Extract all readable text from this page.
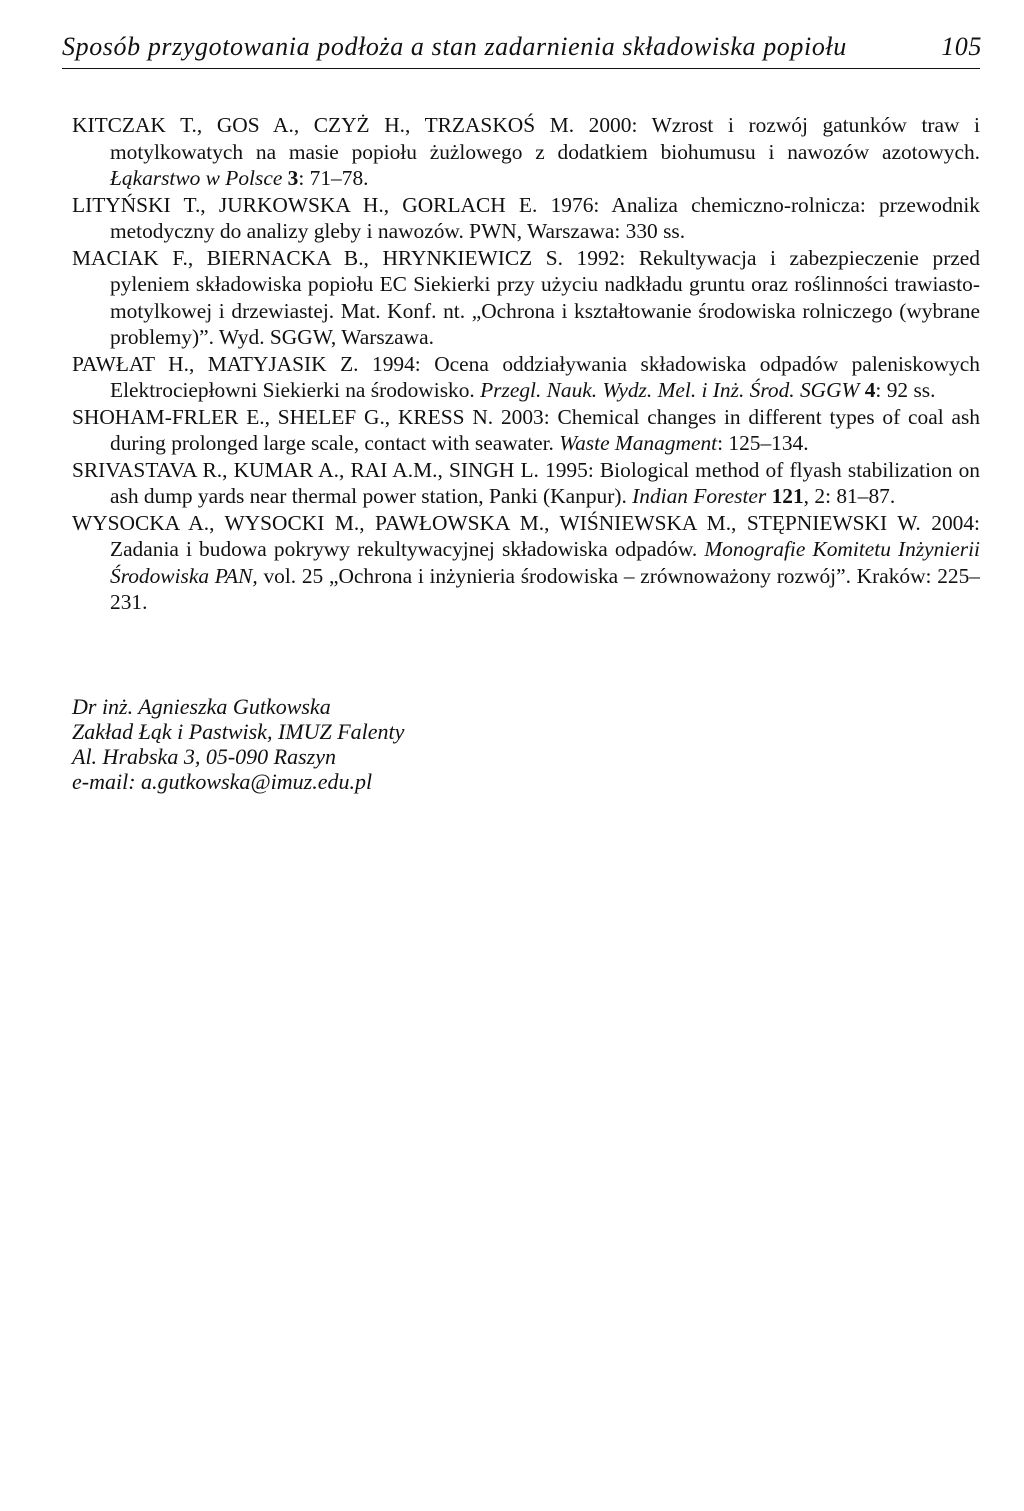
Sposób przygotowania podłoża a stan zadarnienia składowiska popiołu	105

KITCZAK T., GOS A., CZYŻ H., TRZASKOŚ M. 2000: Wzrost i rozwój gatunków traw i motylkowatych na masie popiołu żużlowego z dodatkiem biohumusu i nawozów azotowych. Łąkarstwo w Polsce 3: 71–78.

LITYŃSKI T., JURKOWSKA H., GORLACH E. 1976: Analiza chemiczno-rolnicza: przewodnik metodyczny do analizy gleby i nawozów. PWN, Warszawa: 330 ss.

MACIAK F., BIERNACKA B., HRYNKIEWICZ S. 1992: Rekultywacja i zabezpieczenie przed pyleniem składowiska popiołu EC Siekierki przy użyciu nadkładu gruntu oraz roślinności trawiasto-motylkowej i drzewiastej. Mat. Konf. nt. „Ochrona i kształtowanie środowiska rolniczego (wybrane problemy)”. Wyd. SGGW, Warszawa.

PAWŁAT H., MATYJASIK Z. 1994: Ocena oddziaływania składowiska odpadów paleniskowych Elektrociepłowni Siekierki na środowisko. Przegl. Nauk. Wydz. Mel. i Inż. Środ. SGGW 4: 92 ss.

SHOHAM-FRLER E., SHELEF G., KRESS N. 2003: Chemical changes in different types of coal ash during prolonged large scale, contact with seawater. Waste Managment: 125–134.

SRIVASTAVA R., KUMAR A., RAI A.M., SINGH L. 1995: Biological method of flyash stabilization on ash dump yards near thermal power station, Panki (Kanpur). Indian Forester 121, 2: 81–87.

WYSOCKA A., WYSOCKI M., PAWŁOWSKA M., WIŚNIEWSKA M., STĘPNIEWSKI W. 2004: Zadania i budowa pokrywy rekultywacyjnej składowiska odpadów. Monografie Komitetu Inżynierii Środowiska PAN, vol. 25 „Ochrona i inżynieria środowiska – zrównoważony rozwój”. Kraków: 225–231.

Dr inż. Agnieszka Gutkowska
Zakład Łąk i Pastwisk, IMUZ Falenty
Al. Hrabska 3, 05-090 Raszyn
e-mail: a.gutkowska@imuz.edu.pl
